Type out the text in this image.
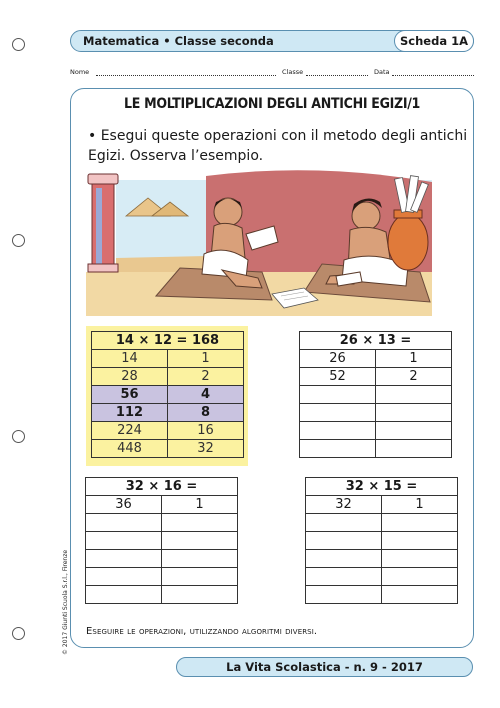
Matematica • Classe seconda	Scheda 1A
Nome	Classe	Data
LE MOLTIPLICAZIONI DEGLI ANTICHI EGIZI/1
• Esegui queste operazioni con il metodo degli antichi Egizi. Osserva l’esempio.
14 × 12 = 168	
14	1
28	2
56	4
112	8
224	16
448	32
26 × 13 =	
26	1
52	2

32 × 16 =	
36	1

32 × 15 =	
32	1

Eseguire le operazioni, utilizzando algoritmi diversi.
La Vita Scolastica - n. 9 - 2017
© 2017 Giunti Scuola S.r.l., Firenze
